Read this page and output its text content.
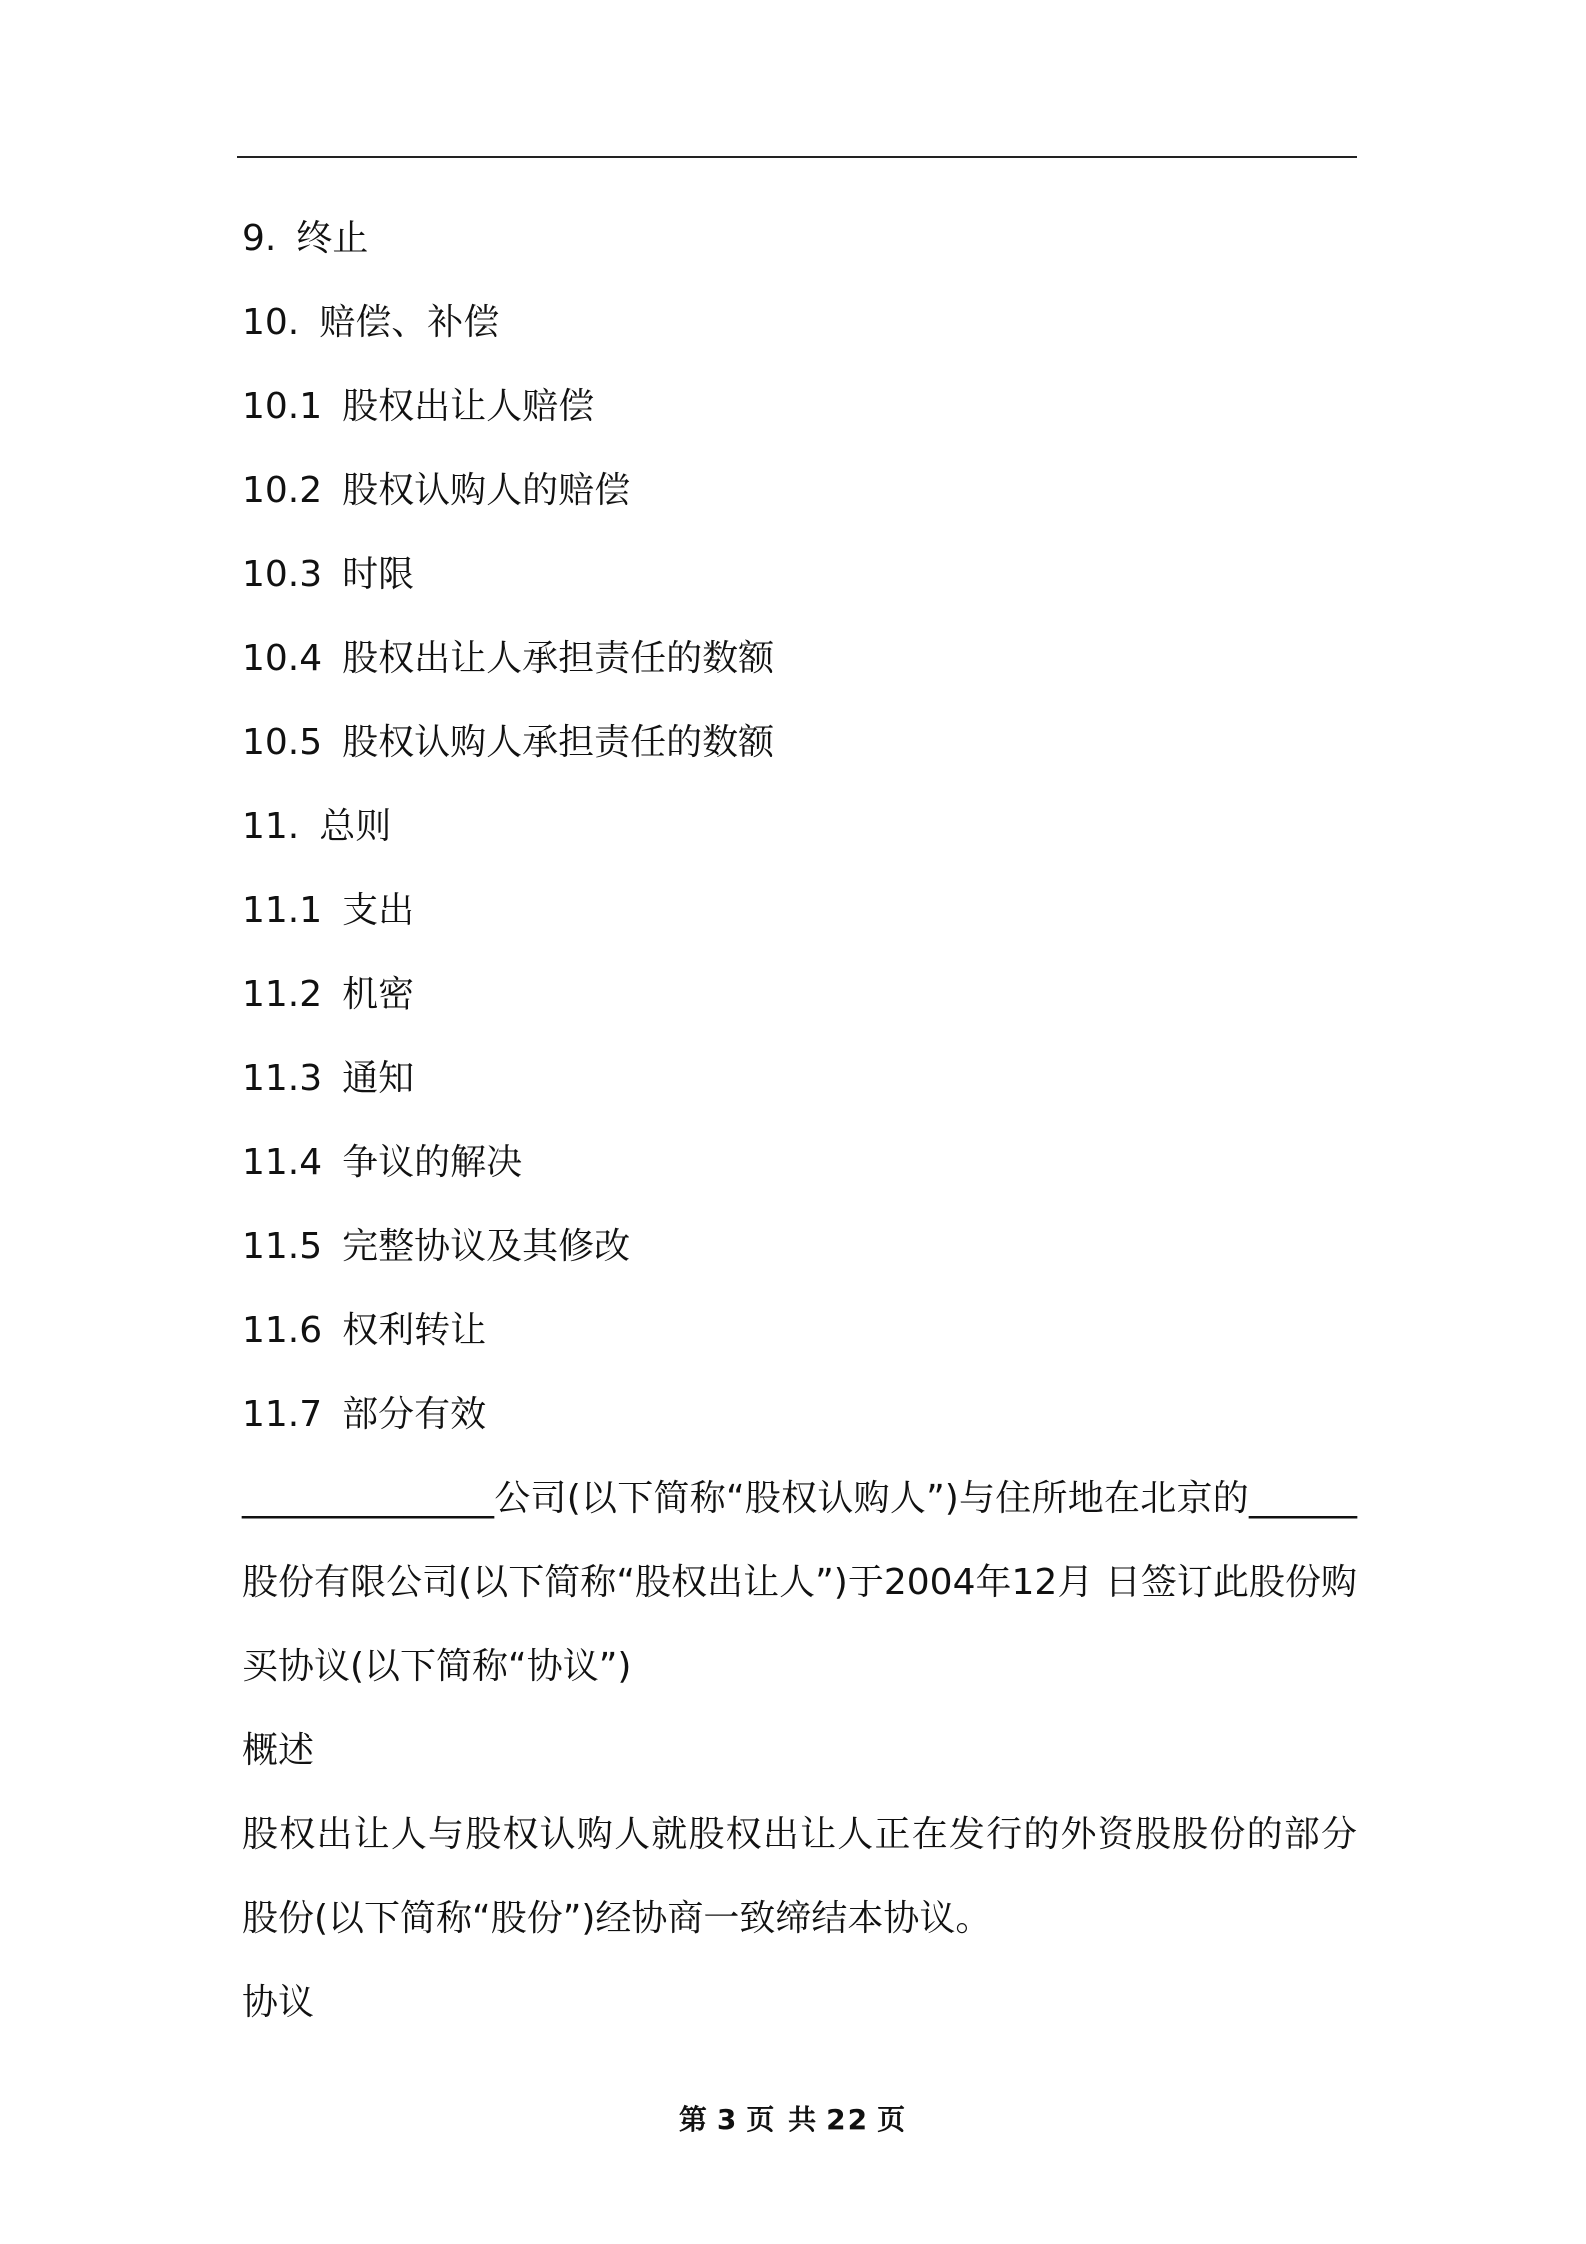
9. 终止
10. 赔偿、补偿
10.1 股权出让人赔偿
10.2 股权认购人的赔偿
10.3 时限
10.4 股权出让人承担责任的数额
10.5 股权认购人承担责任的数额
11. 总则
11.1 支出
11.2 机密
11.3 通知
11.4 争议的解决
11.5 完整协议及其修改
11.6 权利转让
11.7 部分有效
______________公司(以下简称“股权认购人”)与住所地在北京的______股份有限公司(以下简称“股权出让人”)于2004年12月 日签订此股份购买协议(以下简称“协议”)
概述
股权出让人与股权认购人就股权出让人正在发行的外资股股份的部分股份(以下简称“股份”)经协商一致缔结本协议。
协议
第 3 页 共 22 页
